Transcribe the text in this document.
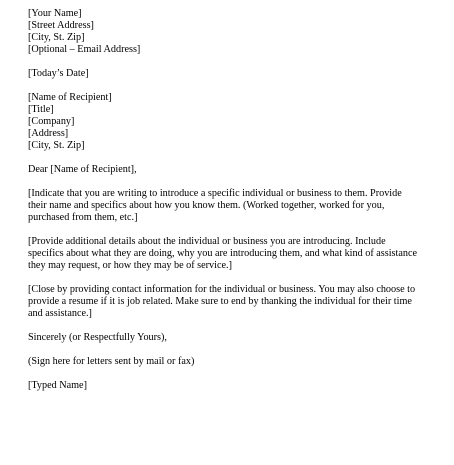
[Your Name]
[Street Address]
[City, St. Zip]
[Optional – Email Address]
[Today’s Date]
[Name of Recipient]
[Title]
[Company]
[Address]
[City, St. Zip]
Dear [Name of Recipient],
[Indicate that you are writing to introduce a specific individual or business to them. Provide
their name and specifics about how you know them. (Worked together, worked for you,
purchased from them, etc.]
[Provide additional details about the individual or business you are introducing. Include
specifics about what they are doing, why you are introducing them, and what kind of assistance
they may request, or how they may be of service.]
[Close by providing contact information for the individual or business. You may also choose to
provide a resume if it is job related. Make sure to end by thanking the individual for their time
and assistance.]
Sincerely (or Respectfully Yours),
(Sign here for letters sent by mail or fax)
[Typed Name]
